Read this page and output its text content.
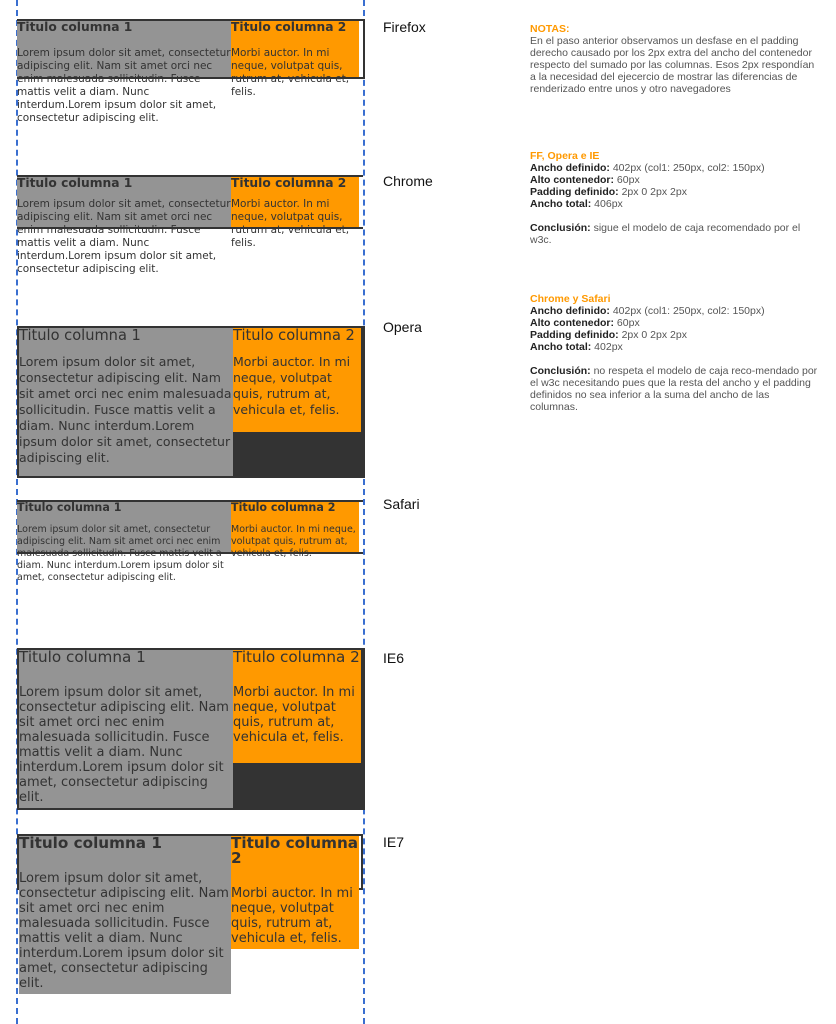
Titulo columna 1

Lorem ipsum dolor sit amet, consectetur adipiscing elit. Nam sit amet orci nec enim malesuada sollicitudin. Fusce mattis velit a diam. Nunc interdum.Lorem ipsum dolor sit amet, consectetur adipiscing elit.

Titulo columna 2

Morbi auctor. In mi neque, volutpat quis, rutrum at, vehicula et, felis.

Firefox
Titulo columna 1

Lorem ipsum dolor sit amet, consectetur adipiscing elit. Nam sit amet orci nec enim malesuada sollicitudin. Fusce mattis velit a diam. Nunc interdum.Lorem ipsum dolor sit amet, consectetur adipiscing elit.

Titulo columna 2

Morbi auctor. In mi neque, volutpat quis, rutrum at, vehicula et, felis.

Chrome
Titulo columna 1

Lorem ipsum dolor sit amet, consectetur adipiscing elit. Nam sit amet orci nec enim malesuada sollicitudin. Fusce mattis velit a diam. Nunc interdum.Lorem ipsum dolor sit amet, consectetur adipiscing elit.

Titulo columna 2

Morbi auctor. In mi neque, volutpat quis, rutrum at, vehicula et, felis.

Opera
Titulo columna 1

Lorem ipsum dolor sit amet, consectetur adipiscing elit. Nam sit amet orci nec enim malesuada sollicitudin. Fusce mattis velit a diam. Nunc interdum.Lorem ipsum dolor sit amet, consectetur adipiscing elit.

Titulo columna 2

Morbi auctor. In mi neque, volutpat quis, rutrum at, vehicula et, felis.

Safari
Titulo columna 1

Lorem ipsum dolor sit amet, consectetur adipiscing elit. Nam sit amet orci nec enim malesuada sollicitudin. Fusce mattis velit a diam. Nunc interdum.Lorem ipsum dolor sit amet, consectetur adipiscing elit.

Titulo columna 2

Morbi auctor. In mi neque, volutpat quis, rutrum at, vehicula et, felis.

IE6
Titulo columna 1

Lorem ipsum dolor sit amet, consectetur adipiscing elit. Nam sit amet orci nec enim malesuada sollicitudin. Fusce mattis velit a diam. Nunc interdum.Lorem ipsum dolor sit amet, consectetur adipiscing elit.

Titulo columna 2

Morbi auctor. In mi neque, volutpat quis, rutrum at, vehicula et, felis.

IE7

NOTAS:

En el paso anterior observamos un desfase en el padding derecho causado por los 2px extra del ancho del contenedor respecto del sumado por las columnas. Esos 2px respondían a la necesidad del ejecercio de mostrar las diferencias de renderizado entre unos y otro navegadores

FF, Opera e IE

Ancho definido: 402px (col1: 250px, col2: 150px)

Alto contenedor: 60px

Padding definido: 2px 0 2px 2px

Ancho total: 406px

Conclusión: sigue el modelo de caja recomendado por el w3c.

Chrome y Safari

Ancho definido: 402px (col1: 250px, col2: 150px)

Alto contenedor: 60px

Padding definido: 2px 0 2px 2px

Ancho total: 402px

Conclusión: no respeta el modelo de caja reco-mendado por el w3c necesitando pues que la resta del ancho y el padding definidos no sea inferior a la suma del ancho de las columnas.
